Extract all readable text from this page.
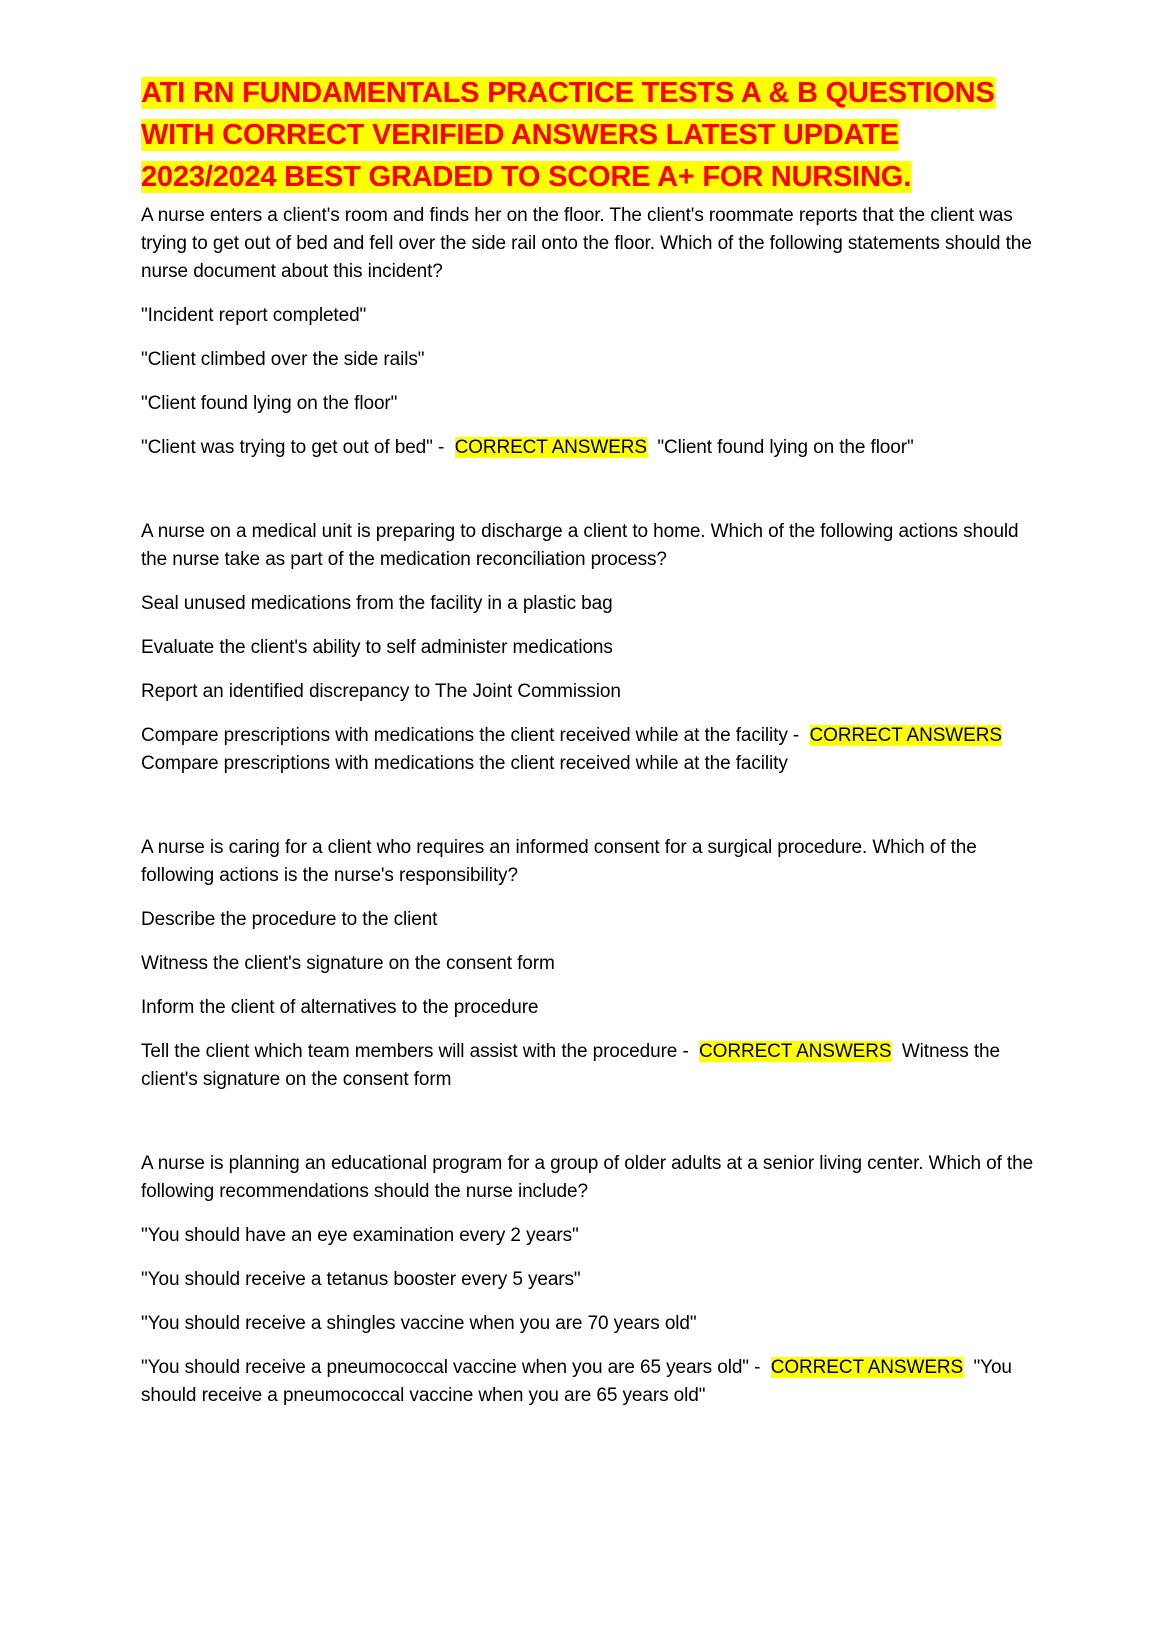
ATI RN FUNDAMENTALS PRACTICE TESTS A & B QUESTIONS WITH CORRECT VERIFIED ANSWERS LATEST UPDATE 2023/2024 BEST GRADED TO SCORE A+ FOR NURSING.

A nurse enters a client's room and finds her on the floor. The client's roommate reports that the client was trying to get out of bed and fell over the side rail onto the floor. Which of the following statements should the nurse document about this incident?

"Incident report completed"

"Client climbed over the side rails"

"Client found lying on the floor"

"Client was trying to get out of bed" - CORRECT ANSWERS "Client found lying on the floor"

A nurse on a medical unit is preparing to discharge a client to home. Which of the following actions should the nurse take as part of the medication reconciliation process?

Seal unused medications from the facility in a plastic bag

Evaluate the client's ability to self administer medications

Report an identified discrepancy to The Joint Commission

Compare prescriptions with medications the client received while at the facility - CORRECT ANSWERS  Compare prescriptions with medications the client received while at the facility

A nurse is caring for a client who requires an informed consent for a surgical procedure. Which of the following actions is the nurse's responsibility?

Describe the procedure to the client

Witness the client's signature on the consent form

Inform the client of alternatives to the procedure

Tell the client which team members will assist with the procedure - CORRECT ANSWERS Witness the client's signature on the consent form

A nurse is planning an educational program for a group of older adults at a senior living center. Which of the following recommendations should the nurse include?

"You should have an eye examination every 2 years"

"You should receive a tetanus booster every 5 years"

"You should receive a shingles vaccine when you are 70 years old"

"You should receive a pneumococcal vaccine when you are 65 years old" - CORRECT ANSWERS "You should receive a pneumococcal vaccine when you are 65 years old"
